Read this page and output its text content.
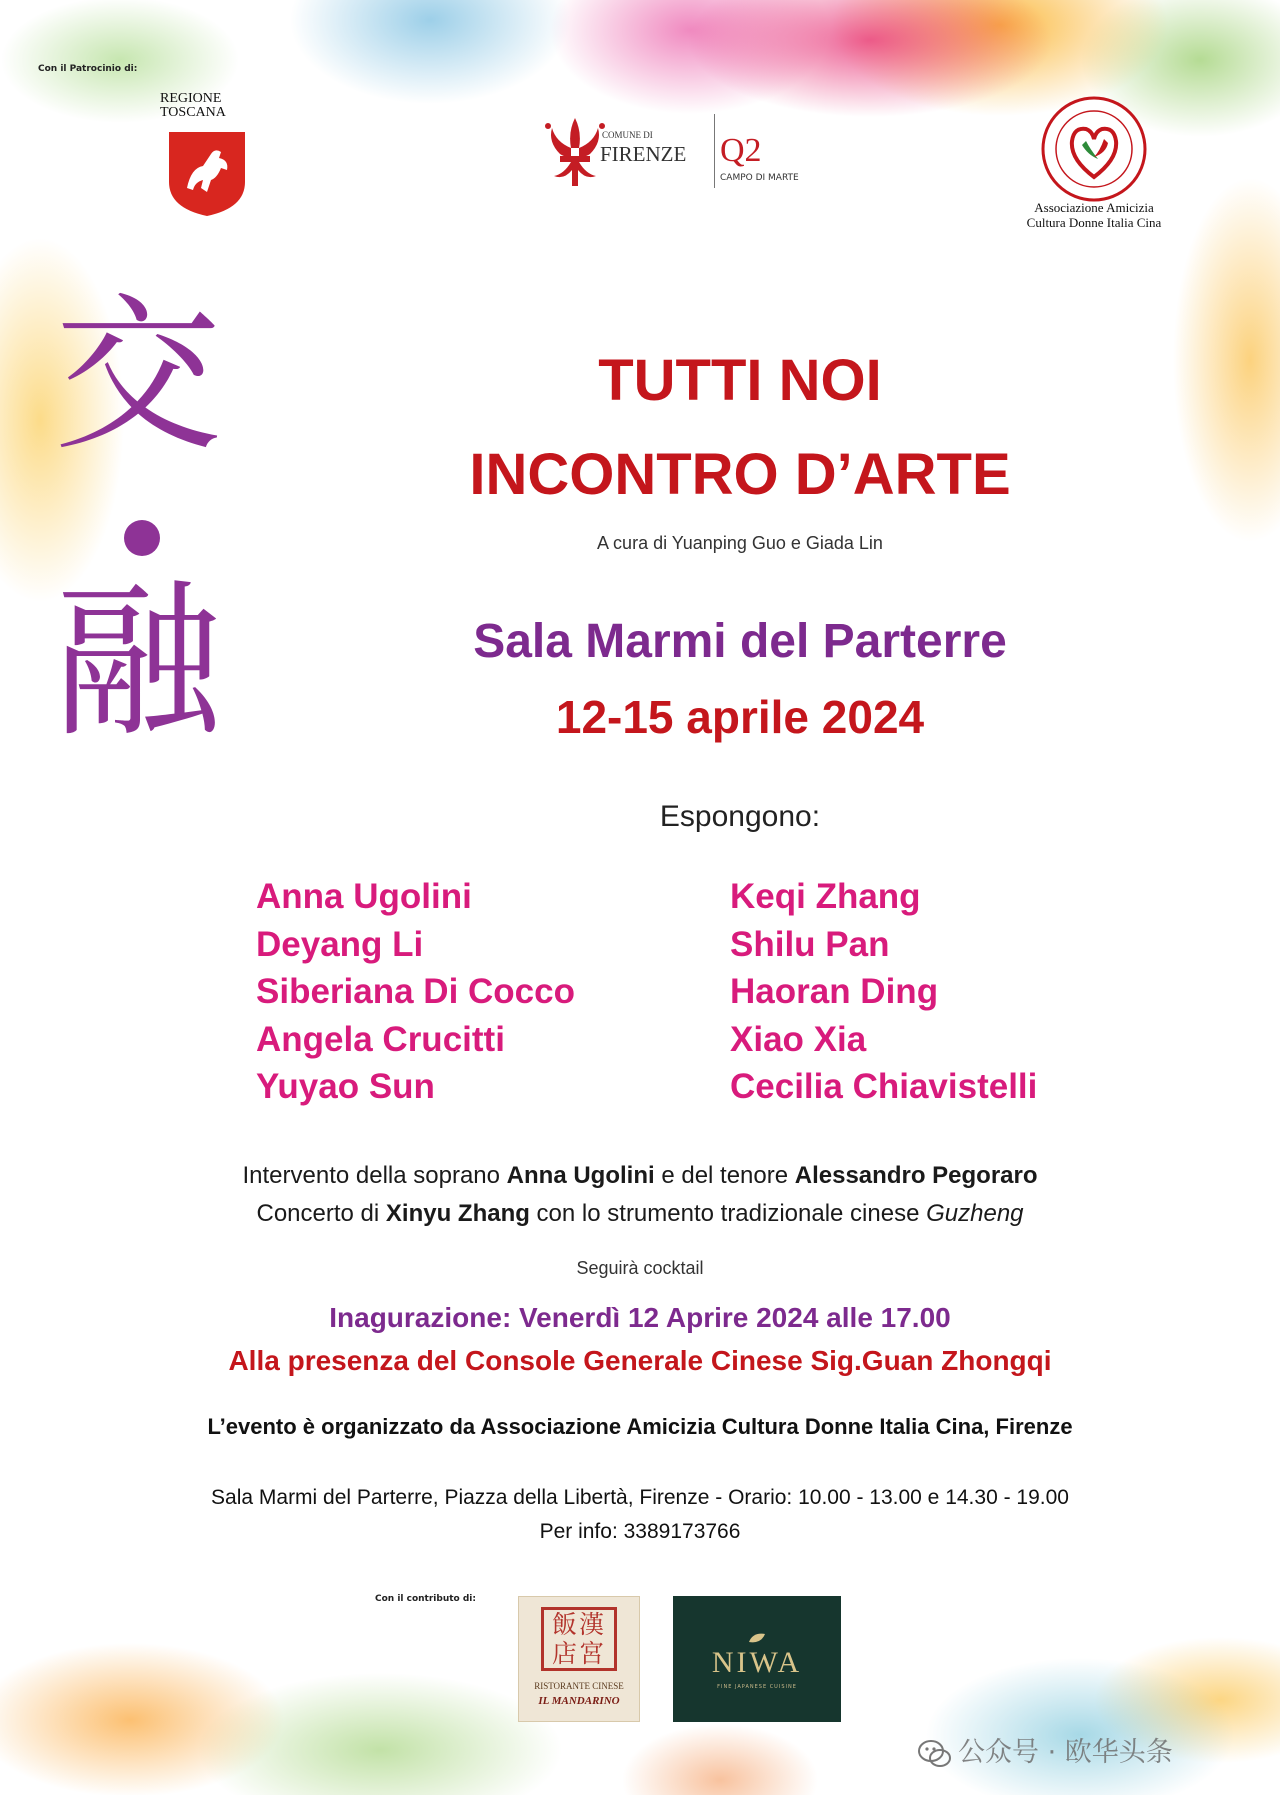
Con il Patrocinio di:
REGIONE
TOSCANA
COMUNE DI
FIRENZE Q2
CAMPO DI MARTE
Associazione Amicizia
Cultura Donne Italia Cina
交
融
TUTTI NOI
INCONTRO D’ARTE
A cura di Yuanping Guo e Giada Lin
Sala Marmi del Parterre
12-15 aprile 2024
Espongono:
Anna Ugolini
Deyang Li
Siberiana Di Cocco
Angela Crucitti
Yuyao Sun
Keqi Zhang
Shilu Pan
Haoran Ding
Xiao Xia
Cecilia Chiavistelli
Intervento della soprano Anna Ugolini e del tenore Alessandro Pegoraro
Concerto di Xinyu Zhang con lo strumento tradizionale cinese Guzheng
Seguirà cocktail
Inagurazione: Venerdì 12 Aprire 2024 alle 17.00
Alla presenza del Console Generale Cinese Sig.Guan Zhongqi
L’evento è organizzato da Associazione Amicizia Cultura Donne Italia Cina, Firenze
Sala Marmi del Parterre, Piazza della Libertà, Firenze - Orario: 10.00 - 13.00 e 14.30 - 19.00
Per info: 3389173766
Con il contributo di:
飯漢店宮
RISTORANTE CINESE
IL MANDARINO
NIWA
FINE JAPANESE CUISINE
公众号 · 欧华头条
